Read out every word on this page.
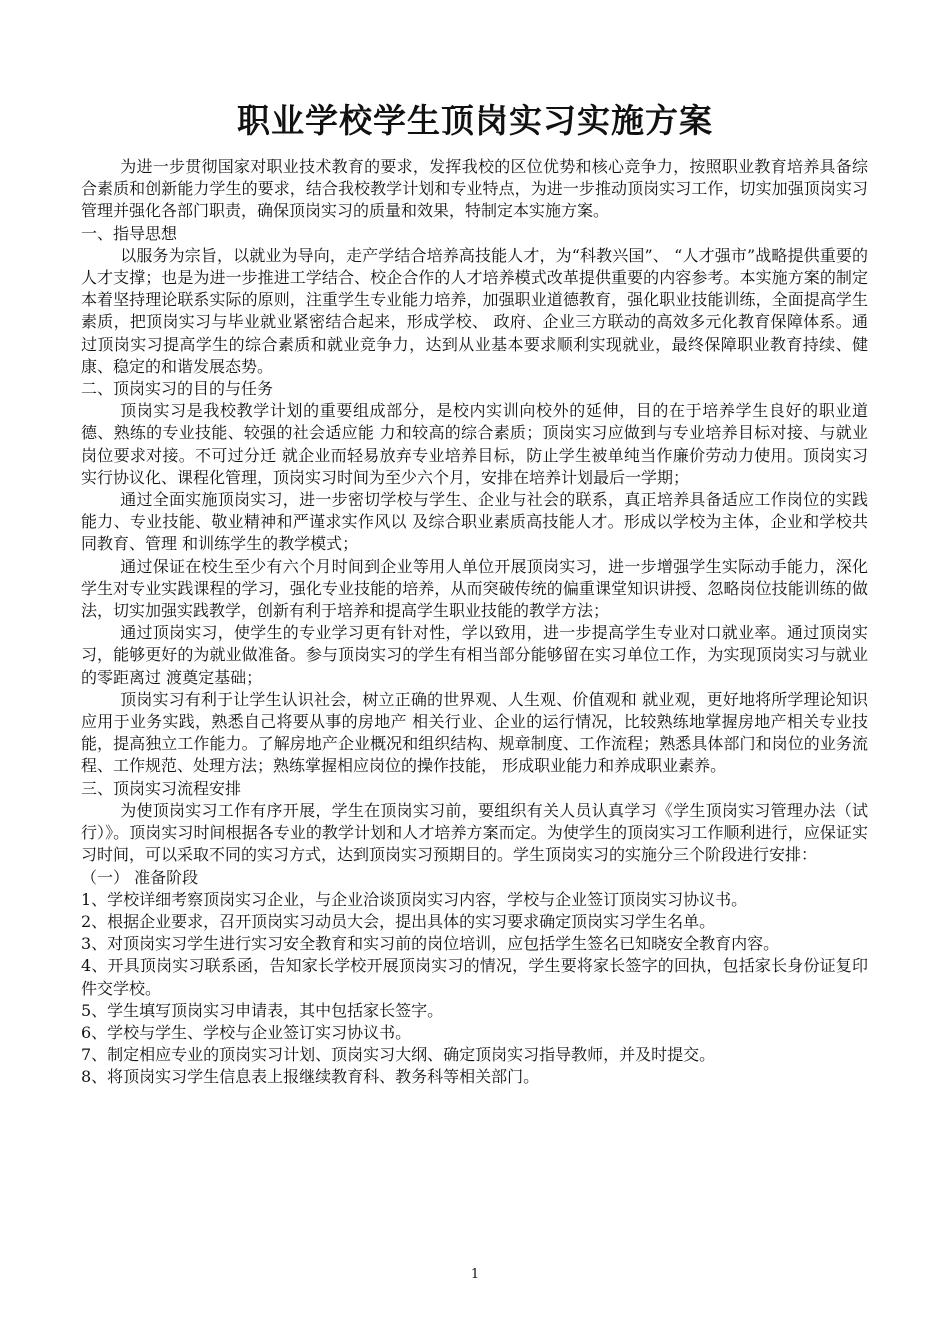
职业学校学生顶岗实习实施方案

为进一步贯彻国家对职业技术教育的要求，发挥我校的区位优势和核心竞争力，按照职业教育培养具备综合素质和创新能力学生的要求，结合我校教学计划和专业特点，为进一步推动顶岗实习工作，切实加强顶岗实习管理并强化各部门职责，确保顶岗实习的质量和效果，特制定本实施方案。

一、指导思想

以服务为宗旨，以就业为导向，走产学结合培养高技能人才，为“科教兴国”、 “人才强市”战略提供重要的人才支撑；也是为进一步推进工学结合、校企合作的人才培养模式改革提供重要的内容参考。本实施方案的制定本着坚持理论联系实际的原则，注重学生专业能力培养，加强职业道德教育，强化职业技能训练，全面提高学生素质，把顶岗实习与毕业就业紧密结合起来，形成学校、 政府、企业三方联动的高效多元化教育保障体系。通过顶岗实习提高学生的综合素质和就业竞争力，达到从业基本要求顺利实现就业，最终保障职业教育持续、健康、稳定的和谐发展态势。

二、顶岗实习的目的与任务

顶岗实习是我校教学计划的重要组成部分，是校内实训向校外的延伸，目的在于培养学生良好的职业道德、熟练的专业技能、较强的社会适应能 力和较高的综合素质；顶岗实习应做到与专业培养目标对接、与就业岗位要求对接。不可过分迁 就企业而轻易放弃专业培养目标，防止学生被单纯当作廉价劳动力使用。顶岗实习实行协议化、课程化管理，顶岗实习时间为至少六个月，安排在培养计划最后一学期；

通过全面实施顶岗实习，进一步密切学校与学生、企业与社会的联系，真正培养具备适应工作岗位的实践能力、专业技能、敬业精神和严谨求实作风以 及综合职业素质高技能人才。形成以学校为主体，企业和学校共同教育、管理 和训练学生的教学模式；

通过保证在校生至少有六个月时间到企业等用人单位开展顶岗实习，进一步增强学生实际动手能力，深化学生对专业实践课程的学习，强化专业技能的培养，从而突破传统的偏重课堂知识讲授、忽略岗位技能训练的做法，切实加强实践教学，创新有利于培养和提高学生职业技能的教学方法；

通过顶岗实习，使学生的专业学习更有针对性，学以致用，进一步提高学生专业对口就业率。通过顶岗实习，能够更好的为就业做准备。参与顶岗实习的学生有相当部分能够留在实习单位工作，为实现顶岗实习与就业的零距离过 渡奠定基础；

顶岗实习有利于让学生认识社会，树立正确的世界观、人生观、价值观和 就业观，更好地将所学理论知识应用于业务实践，熟悉自己将要从事的房地产 相关行业、企业的运行情况，比较熟练地掌握房地产相关专业技能，提高独立工作能力。了解房地产企业概况和组织结构、规章制度、工作流程；熟悉具体部门和岗位的业务流程、工作规范、处理方法；熟练掌握相应岗位的操作技能， 形成职业能力和养成职业素养。

三、顶岗实习流程安排

为使顶岗实习工作有序开展，学生在顶岗实习前，要组织有关人员认真学习《学生顶岗实习管理办法（试行）》。顶岗实习时间根据各专业的教学计划和人才培养方案而定。为使学生的顶岗实习工作顺利进行，应保证实习时间，可以采取不同的实习方式，达到顶岗实习预期目的。学生顶岗实习的实施分三个阶段进行安排：

（一） 准备阶段

1、学校详细考察顶岗实习企业，与企业洽谈顶岗实习内容，学校与企业签订顶岗实习协议书。

2、根据企业要求，召开顶岗实习动员大会，提出具体的实习要求确定顶岗实习学生名单。

3、对顶岗实习学生进行实习安全教育和实习前的岗位培训，应包括学生签名已知晓安全教育内容。

4、开具顶岗实习联系函，告知家长学校开展顶岗实习的情况，学生要将家长签字的回执，包括家长身份证复印件交学校。

5、学生填写顶岗实习申请表，其中包括家长签字。

6、学校与学生、学校与企业签订实习协议书。

7、制定相应专业的顶岗实习计划、顶岗实习大纲、确定顶岗实习指导教师，并及时提交。

8、将顶岗实习学生信息表上报继续教育科、教务科等相关部门。

1
